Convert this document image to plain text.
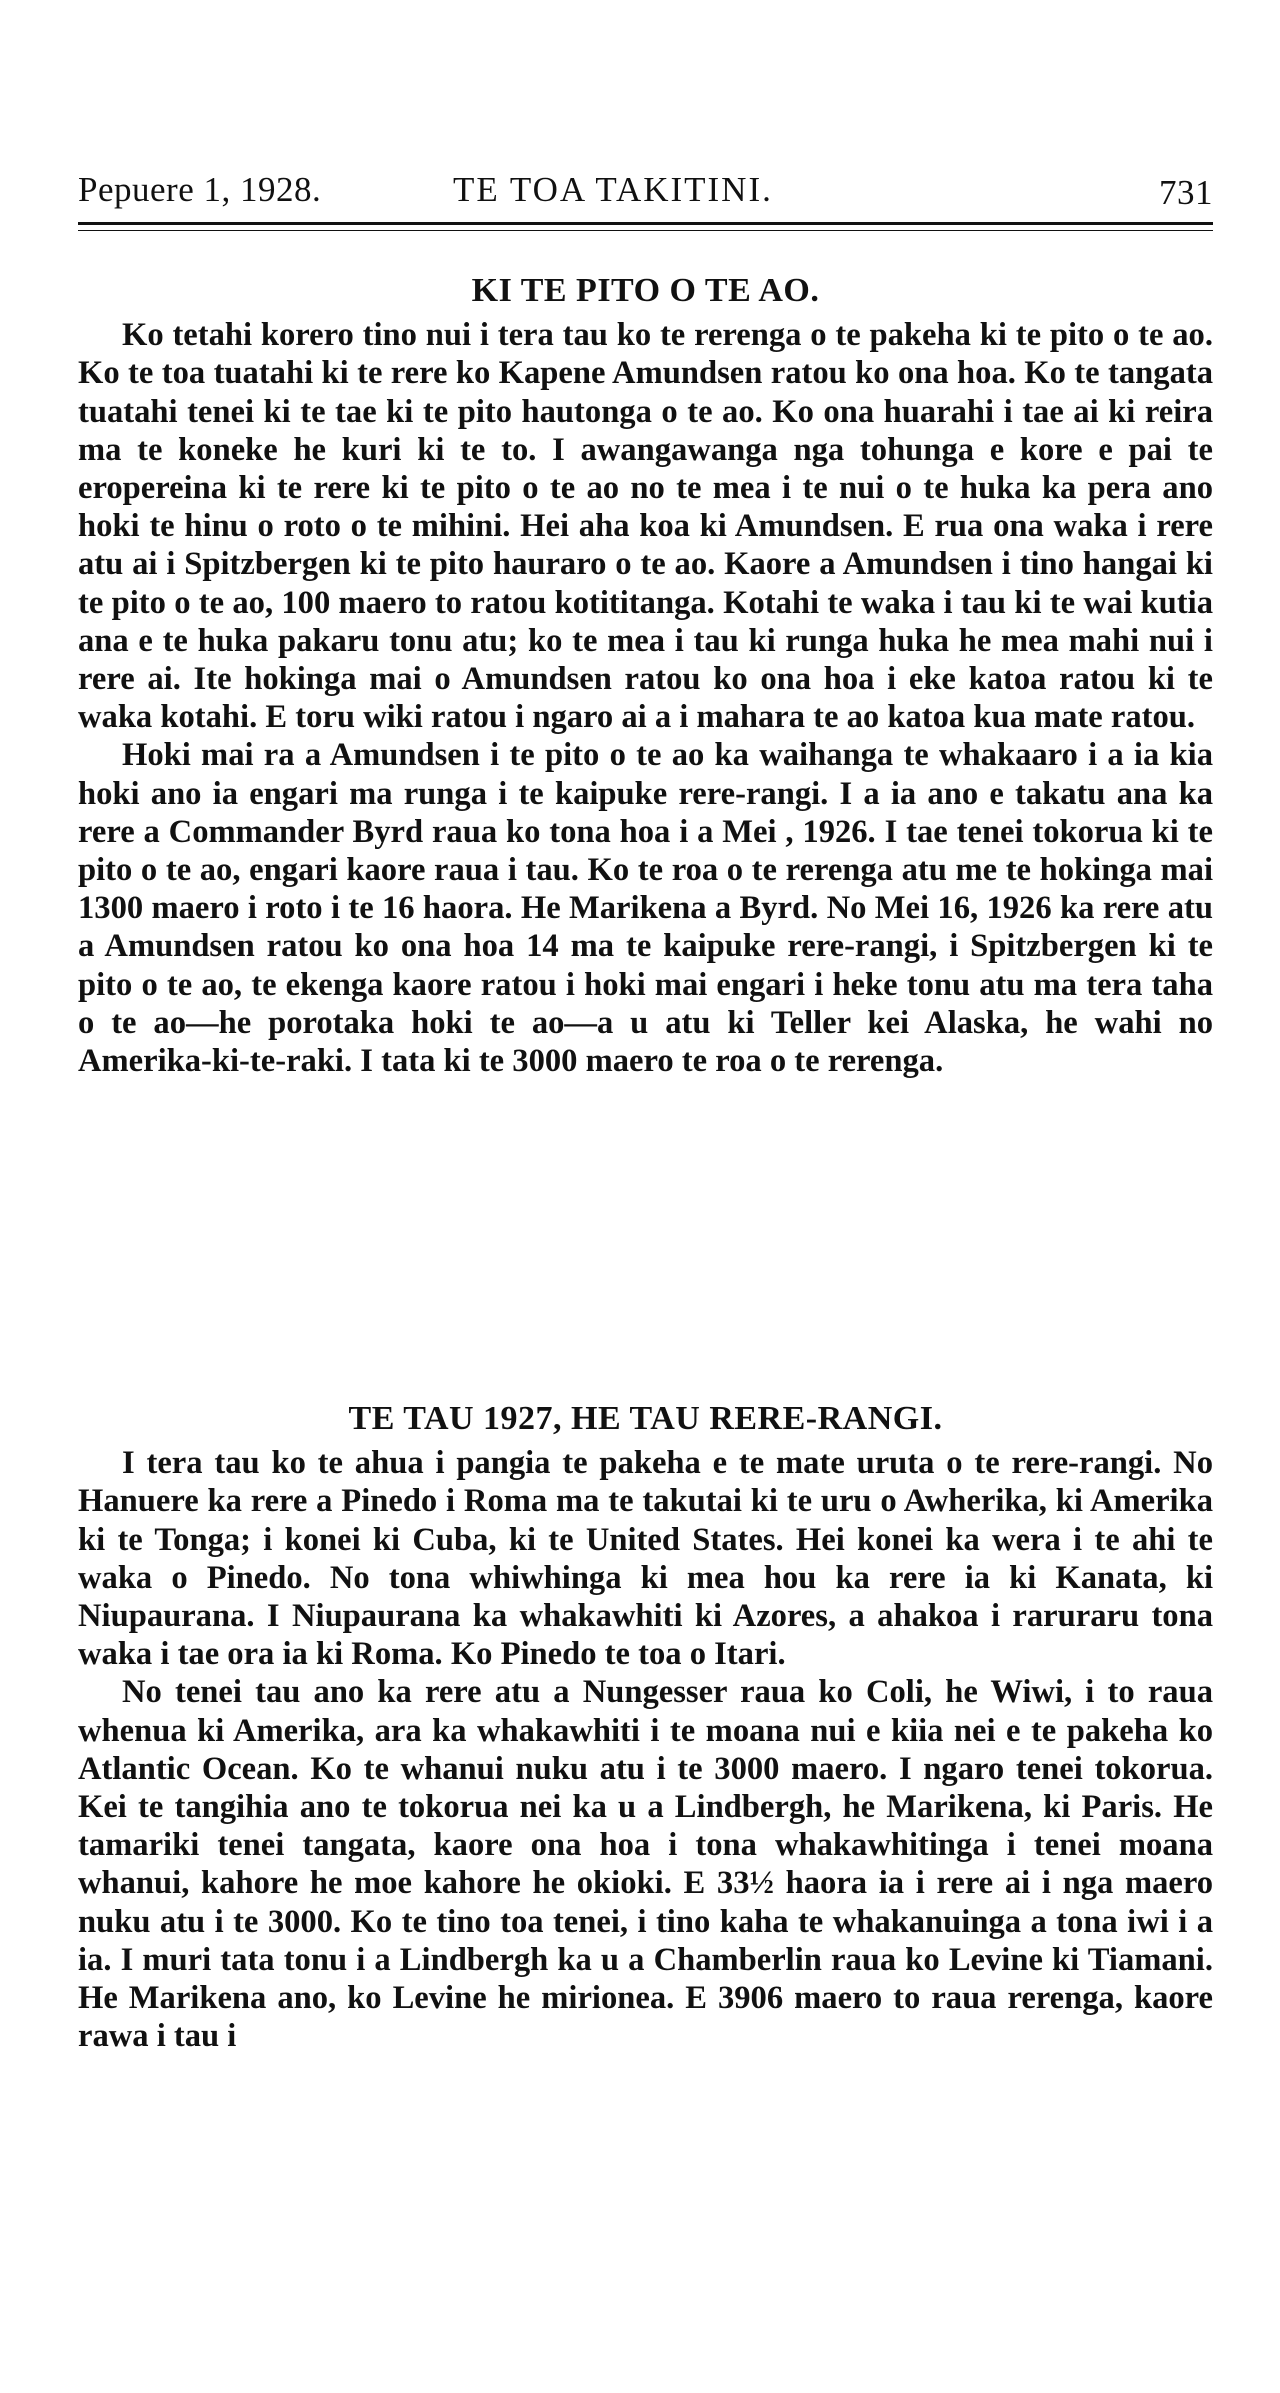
Pepuere 1, 1928.	TE TOA TAKITINI.	731
KI TE PITO O TE AO.

Ko tetahi korero tino nui i tera tau ko te rerenga o te pakeha ki te pito o te ao. Ko te toa tuatahi ki te rere ko Kapene Amundsen ratou ko ona hoa. Ko te tangata tuatahi tenei ki te tae ki te pito hautonga o te ao. Ko ona huarahi i tae ai ki reira ma te koneke he kuri ki te to. I awangawanga nga tohunga e kore e pai te eropereina ki te rere ki te pito o te ao no te mea i te nui o te huka ka pera ano hoki te hinu o roto o te mihini. Hei aha koa ki Amundsen. E rua ona waka i rere atu ai i Spitzbergen ki te pito hauraro o te ao. Kaore a Amundsen i tino hangai ki te pito o te ao, 100 maero to ratou kotititanga. Kotahi te waka i tau ki te wai kutia ana e te huka pakaru tonu atu; ko te mea i tau ki runga huka he mea mahi nui i rere ai. Ite hokinga mai o Amundsen ratou ko ona hoa i eke katoa ratou ki te waka kotahi. E toru wiki ratou i ngaro ai a i mahara te ao katoa kua mate ratou.

Hoki mai ra a Amundsen i te pito o te ao ka waihanga te whakaaro i a ia kia hoki ano ia engari ma runga i te kaipuke rere-rangi. I a ia ano e takatu ana ka rere a Commander Byrd raua ko tona hoa i a Mei , 1926. I tae tenei tokorua ki te pito o te ao, engari kaore raua i tau. Ko te roa o te rerenga atu me te hokinga mai 1300 maero i roto i te 16 haora. He Marikena a Byrd. No Mei 16, 1926 ka rere atu a Amundsen ratou ko ona hoa 14 ma te kaipuke rere-rangi, i Spitzbergen ki te pito o te ao, te ekenga kaore ratou i hoki mai engari i heke tonu atu ma tera taha o te ao—he porotaka hoki te ao—a u atu ki Teller kei Alaska, he wahi no Amerika-ki-te-raki. I tata ki te 3000 maero te roa o te rerenga.

TE TAU 1927, HE TAU RERE-RANGI.

I tera tau ko te ahua i pangia te pakeha e te mate uruta o te rere-rangi. No Hanuere ka rere a Pinedo i Roma ma te takutai ki te uru o Awherika, ki Amerika ki te Tonga; i konei ki Cuba, ki te United States. Hei konei ka wera i te ahi te waka o Pinedo. No tona whiwhinga ki mea hou ka rere ia ki Kanata, ki Niupaurana. I Niupaurana ka whakawhiti ki Azores, a ahakoa i raruraru tona waka i tae ora ia ki Roma. Ko Pinedo te toa o Itari.

No tenei tau ano ka rere atu a Nungesser raua ko Coli, he Wiwi, i to raua whenua ki Amerika, ara ka whakawhiti i te moana nui e kiia nei e te pakeha ko Atlantic Ocean. Ko te whanui nuku atu i te 3000 maero. I ngaro tenei tokorua. Kei te tangihia ano te tokorua nei ka u a Lindbergh, he Marikena, ki Paris. He tamariki tenei tangata, kaore ona hoa i tona whakawhitinga i tenei moana whanui, kahore he moe kahore he okioki. E 33½ haora ia i rere ai i nga maero nuku atu i te 3000. Ko te tino toa tenei, i tino kaha te whakanuinga a tona iwi i a ia. I muri tata tonu i a Lindbergh ka u a Chamberlin raua ko Levine ki Tiamani. He Marikena ano, ko Levine he mirionea. E 3906 maero to raua rerenga, kaore rawa i tau i
